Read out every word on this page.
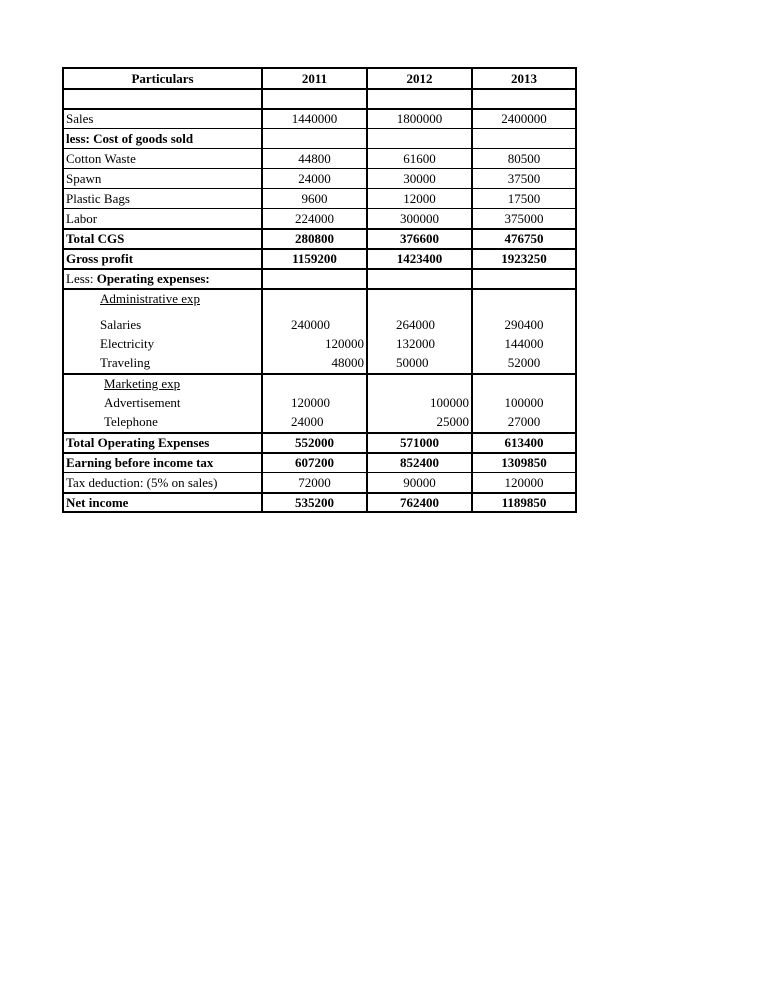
Particulars	2011	2012	2013
Sales	1440000	1800000	2400000
less: Cost of goods sold
Cotton Waste	44800	61600	80500
Spawn	24000	30000	37500
Plastic Bags	9600	12000	17500
Labor	224000	300000	375000
Total CGS	280800	376600	476750
Gross profit	1159200	1423400	1923250
Less: Operating expenses:
Administrative exp
Salaries	240000	264000	290400
Electricity	120000	132000	144000
Traveling	48000	50000	52000
Marketing exp
Advertisement	120000	100000	100000
Telephone	24000	25000	27000
Total Operating Expenses	552000	571000	613400
Earning before income tax	607200	852400	1309850
Tax deduction: (5% on sales)	72000	90000	120000
Net income	535200	762400	1189850
